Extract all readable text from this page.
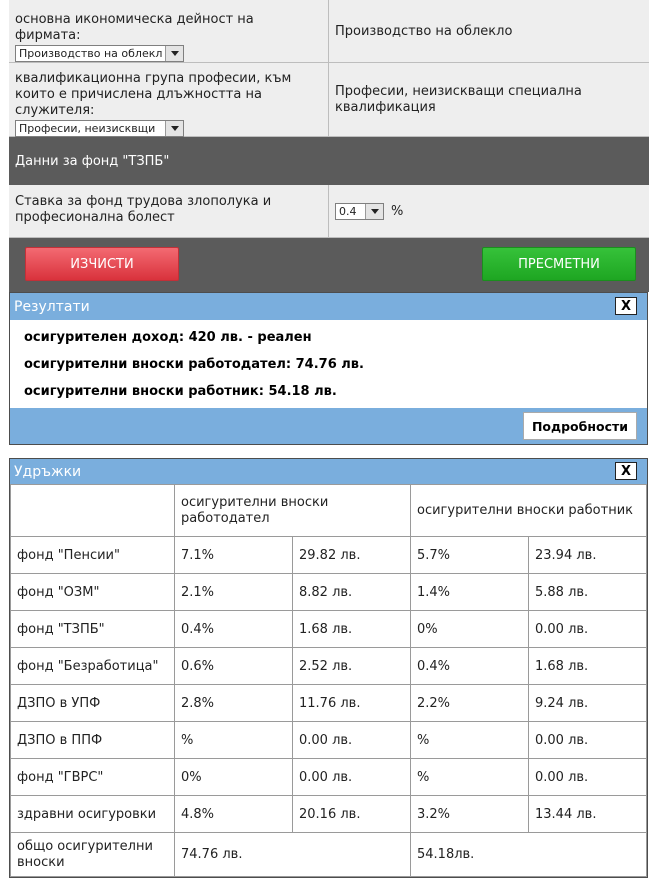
основна икономическа дейност на фирмата:
Производство на облекл
Производство на облекло
квалификационна група професии, към които е причислена длъжността на служителя:
Професии, неизисквщи
Професии, неизискващи специална квалификация
Данни за фонд "ТЗПБ"
Ставка за фонд трудова злополука и професионална болест	0.4	%
ИЗЧИСТИ	ПРЕСМЕТНИ
Резултати	X
осигурителен доход: 420 лв. - реален
осигурителни вноски работодател: 74.76 лв.
осигурителни вноски работник: 54.18 лв.
Подробности
Удръжки	X
	осигурителни вноски работодател		осигурителни вноски работник	
фонд "Пенсии"	7.1%	29.82 лв.	5.7%	23.94 лв.
фонд "ОЗМ"	2.1%	8.82 лв.	1.4%	5.88 лв.
фонд "ТЗПБ"	0.4%	1.68 лв.	0%	0.00 лв.
фонд "Безработица"	0.6%	2.52 лв.	0.4%	1.68 лв.
ДЗПО в УПФ	2.8%	11.76 лв.	2.2%	9.24 лв.
ДЗПО в ППФ	%	0.00 лв.	%	0.00 лв.
фонд "ГВРС"	0%	0.00 лв.	%	0.00 лв.
здравни осигуровки	4.8%	20.16 лв.	3.2%	13.44 лв.
общо осигурителни вноски	74.76 лв.		54.18лв.	
